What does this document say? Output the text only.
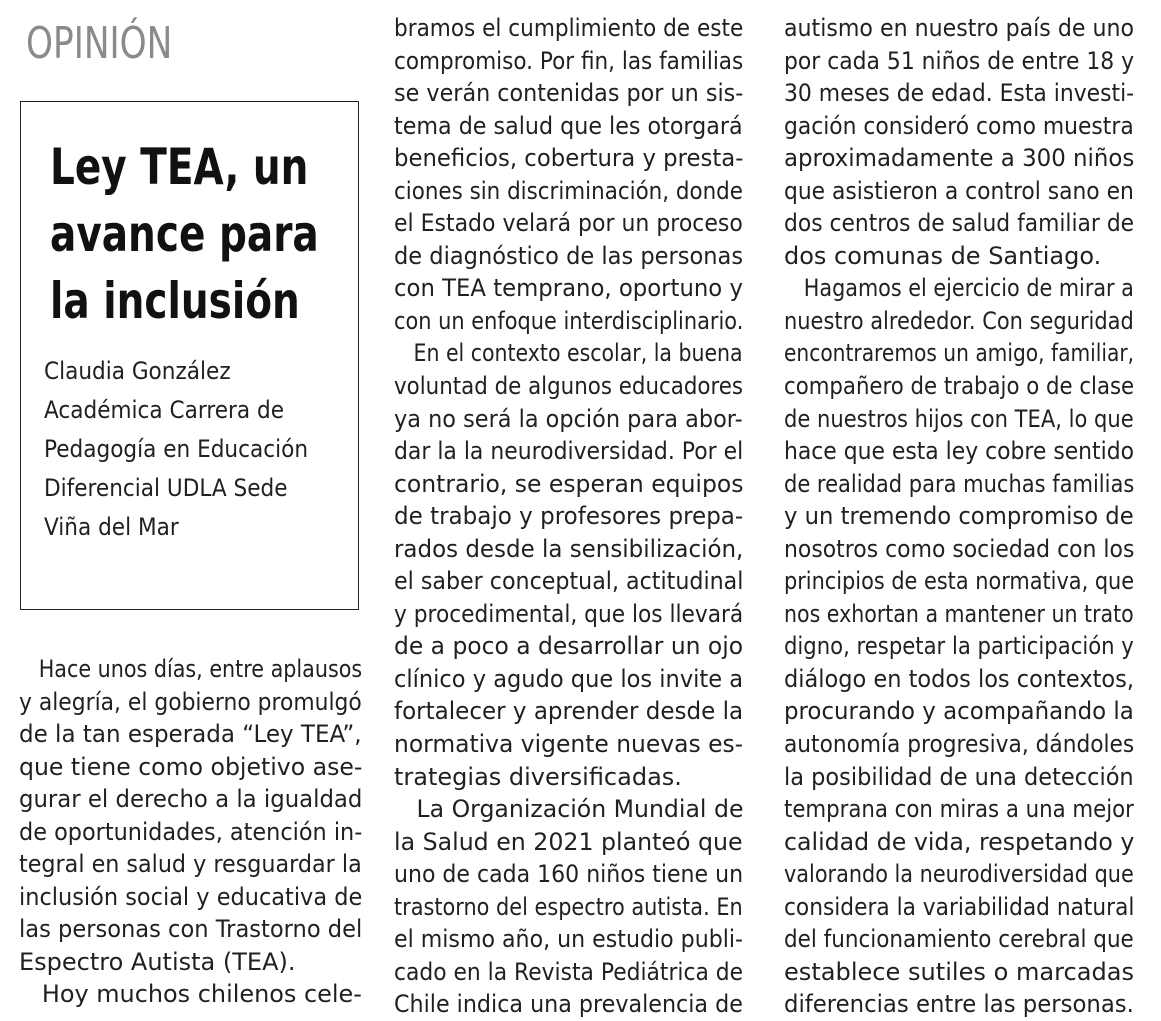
OPINIÓN
Ley TEA, un
avance para
la inclusión
Claudia González
Académica Carrera de
Pedagogía en Educación
Diferencial UDLA Sede
Viña del Mar
Hace unos días, entre aplausos
y alegría, el gobierno promulgó
de la tan esperada “Ley TEA”,
que tiene como objetivo ase-
gurar el derecho a la igualdad
de oportunidades, atención in-
tegral en salud y resguardar la
inclusión social y educativa de
las personas con Trastorno del
Espectro Autista (TEA).
Hoy muchos chilenos cele-
bramos el cumplimiento de este
compromiso. Por fin, las familias
se verán contenidas por un sis-
tema de salud que les otorgará
beneficios, cobertura y presta-
ciones sin discriminación, donde
el Estado velará por un proceso
de diagnóstico de las personas
con TEA temprano, oportuno y
con un enfoque interdisciplinario.
En el contexto escolar, la buena
voluntad de algunos educadores
ya no será la opción para abor-
dar la la neurodiversidad. Por el
contrario, se esperan equipos
de trabajo y profesores prepa-
rados desde la sensibilización,
el saber conceptual, actitudinal
y procedimental, que los llevará
de a poco a desarrollar un ojo
clínico y agudo que los invite a
fortalecer y aprender desde la
normativa vigente nuevas es-
trategias diversificadas.
La Organización Mundial de
la Salud en 2021 planteó que
uno de cada 160 niños tiene un
trastorno del espectro autista. En
el mismo año, un estudio publi-
cado en la Revista Pediátrica de
Chile indica una prevalencia de
autismo en nuestro país de uno
por cada 51 niños de entre 18 y
30 meses de edad. Esta investi-
gación consideró como muestra
aproximadamente a 300 niños
que asistieron a control sano en
dos centros de salud familiar de
dos comunas de Santiago.
Hagamos el ejercicio de mirar a
nuestro alrededor. Con seguridad
encontraremos un amigo, familiar,
compañero de trabajo o de clase
de nuestros hijos con TEA, lo que
hace que esta ley cobre sentido
de realidad para muchas familias
y un tremendo compromiso de
nosotros como sociedad con los
principios de esta normativa, que
nos exhortan a mantener un trato
digno, respetar la participación y
diálogo en todos los contextos,
procurando y acompañando la
autonomía progresiva, dándoles
la posibilidad de una detección
temprana con miras a una mejor
calidad de vida, respetando y
valorando la neurodiversidad que
considera la variabilidad natural
del funcionamiento cerebral que
establece sutiles o marcadas
diferencias entre las personas.
